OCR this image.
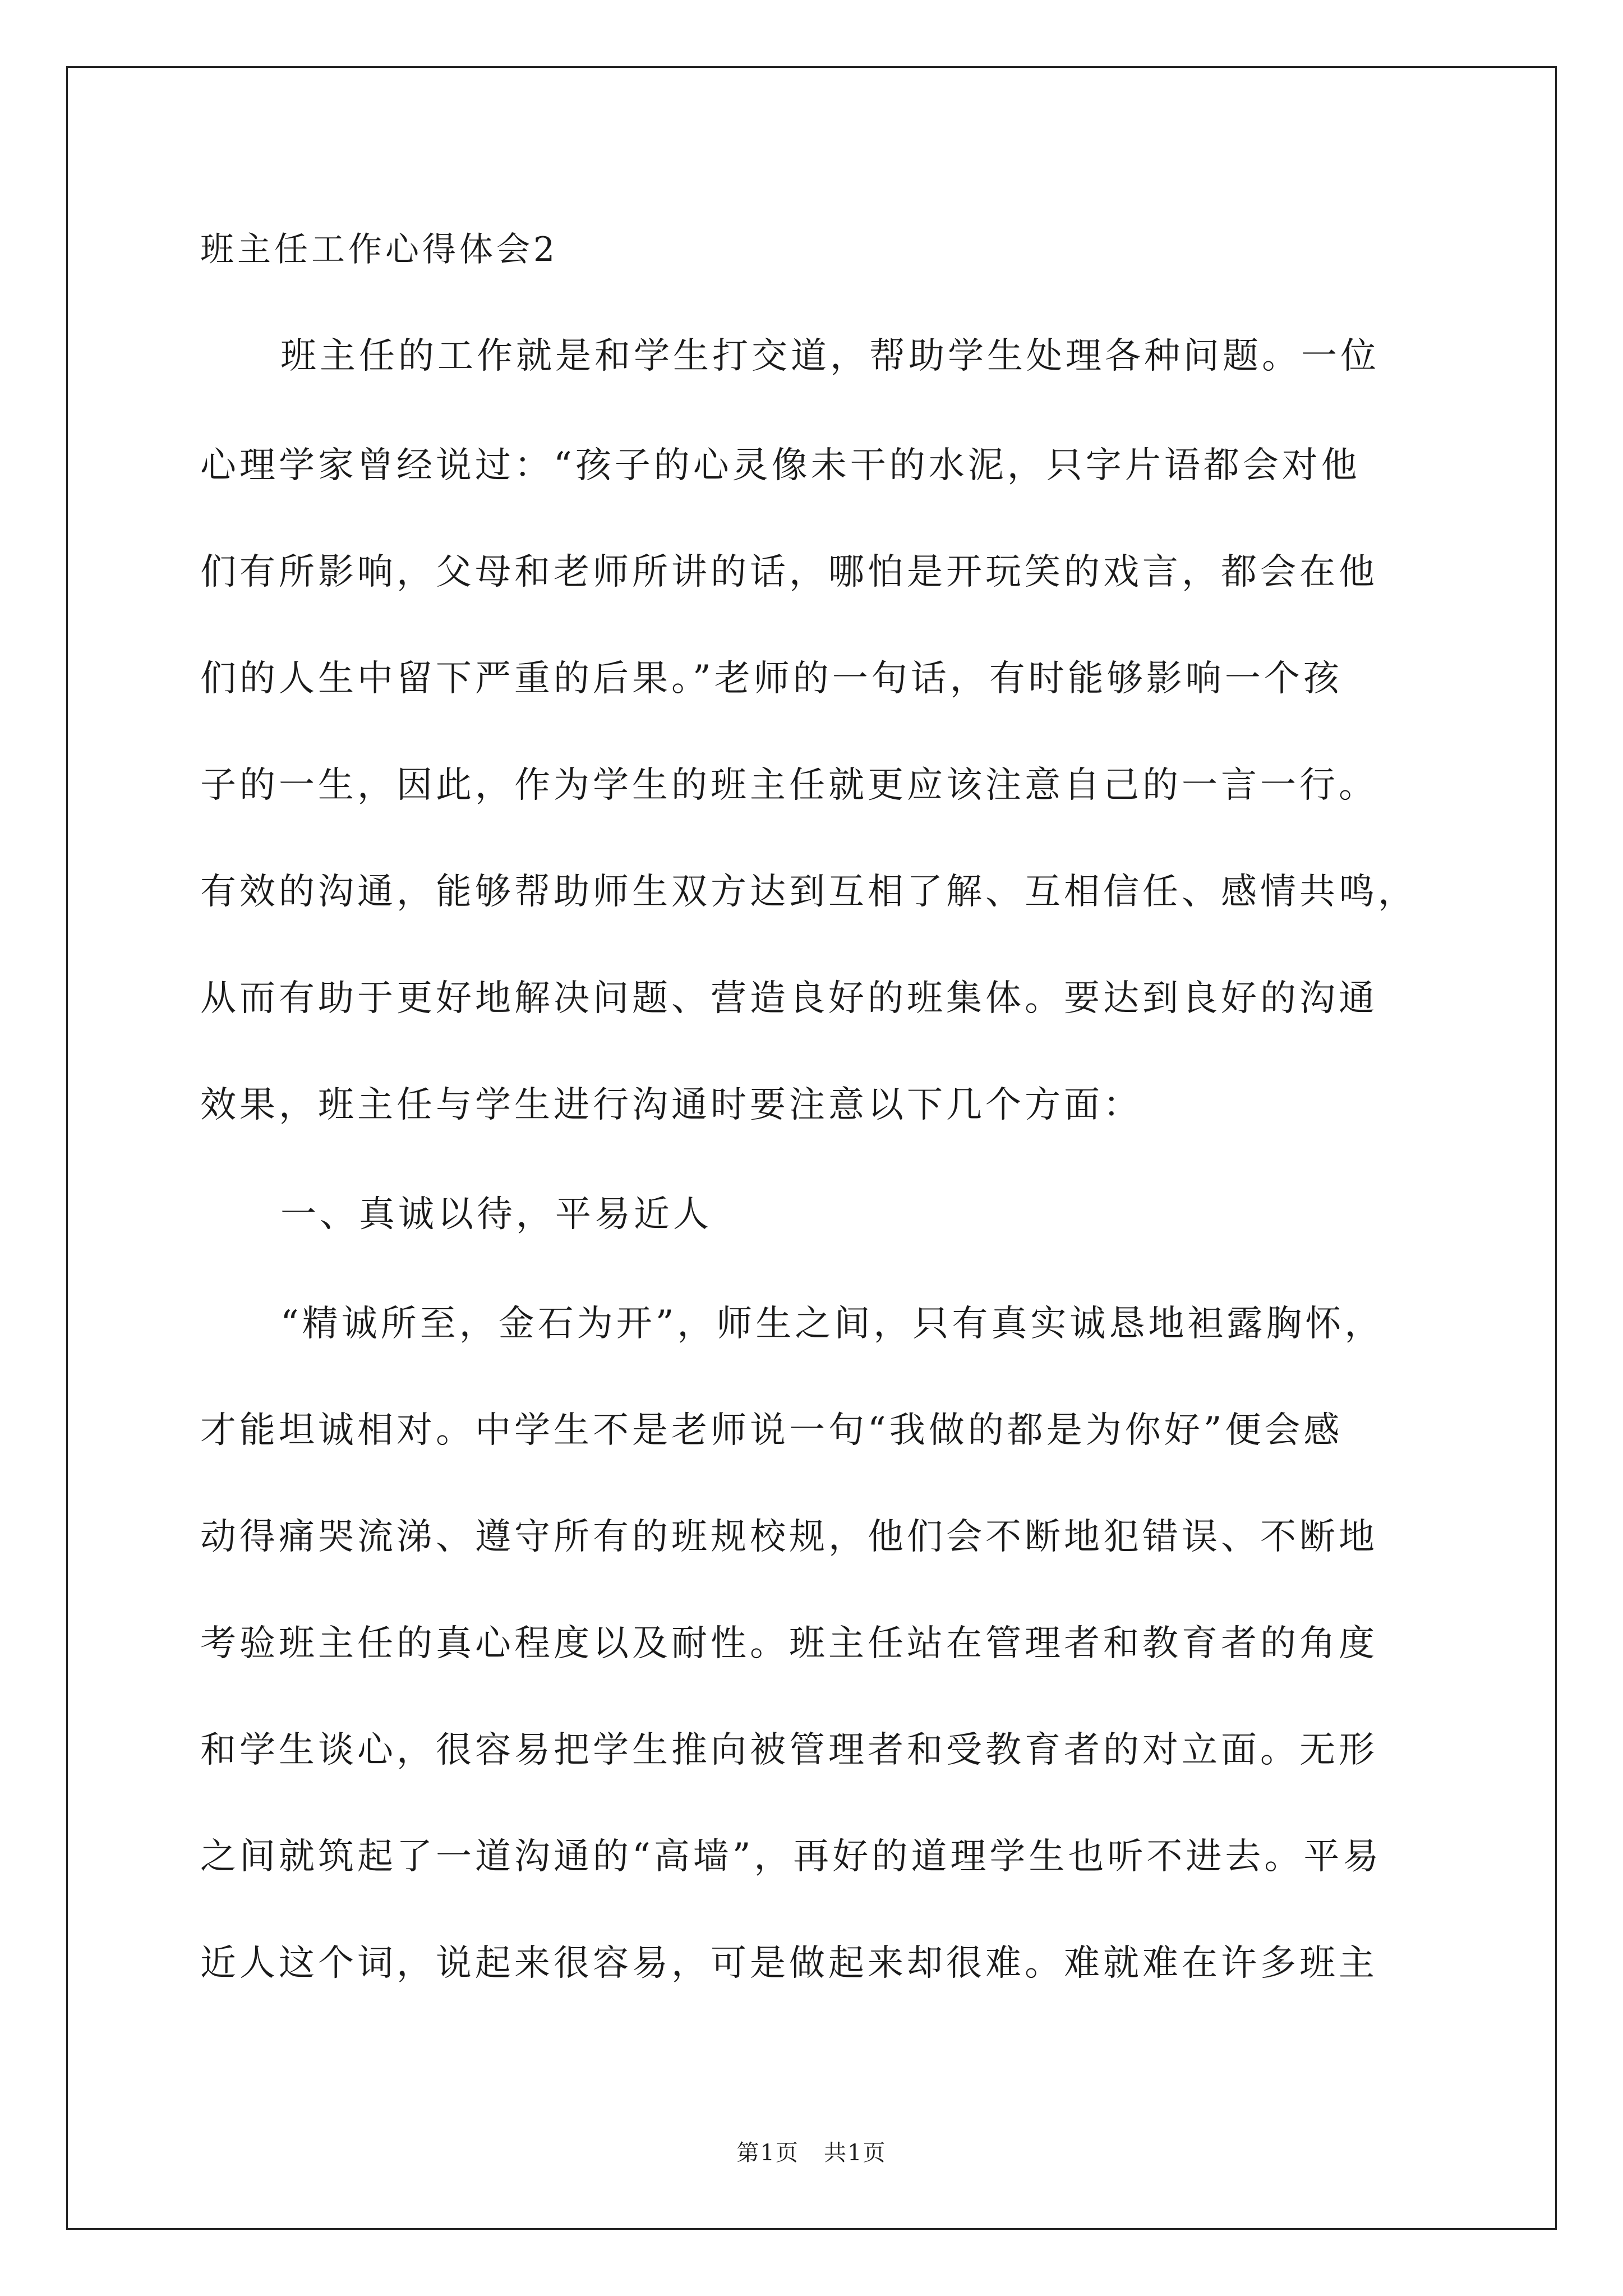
班主任工作心得体会2
班主任的工作就是和学生打交道，帮助学生处理各种问题。一位
心理学家曾经说过：“孩子的心灵像未干的水泥，只字片语都会对他
们有所影响，父母和老师所讲的话，哪怕是开玩笑的戏言，都会在他
们的人生中留下严重的后果。”老师的一句话，有时能够影响一个孩
子的一生，因此，作为学生的班主任就更应该注意自己的一言一行。
有效的沟通，能够帮助师生双方达到互相了解、互相信任、感情共鸣，
从而有助于更好地解决问题、营造良好的班集体。要达到良好的沟通
效果，班主任与学生进行沟通时要注意以下几个方面：
一、真诚以待，平易近人
“精诚所至，金石为开”，师生之间，只有真实诚恳地袒露胸怀，
才能坦诚相对。中学生不是老师说一句“我做的都是为你好”便会感
动得痛哭流涕、遵守所有的班规校规，他们会不断地犯错误、不断地
考验班主任的真心程度以及耐性。班主任站在管理者和教育者的角度
和学生谈心，很容易把学生推向被管理者和受教育者的对立面。无形
之间就筑起了一道沟通的“高墙”，再好的道理学生也听不进去。平易
近人这个词，说起来很容易，可是做起来却很难。难就难在许多班主
第1页   共1页
